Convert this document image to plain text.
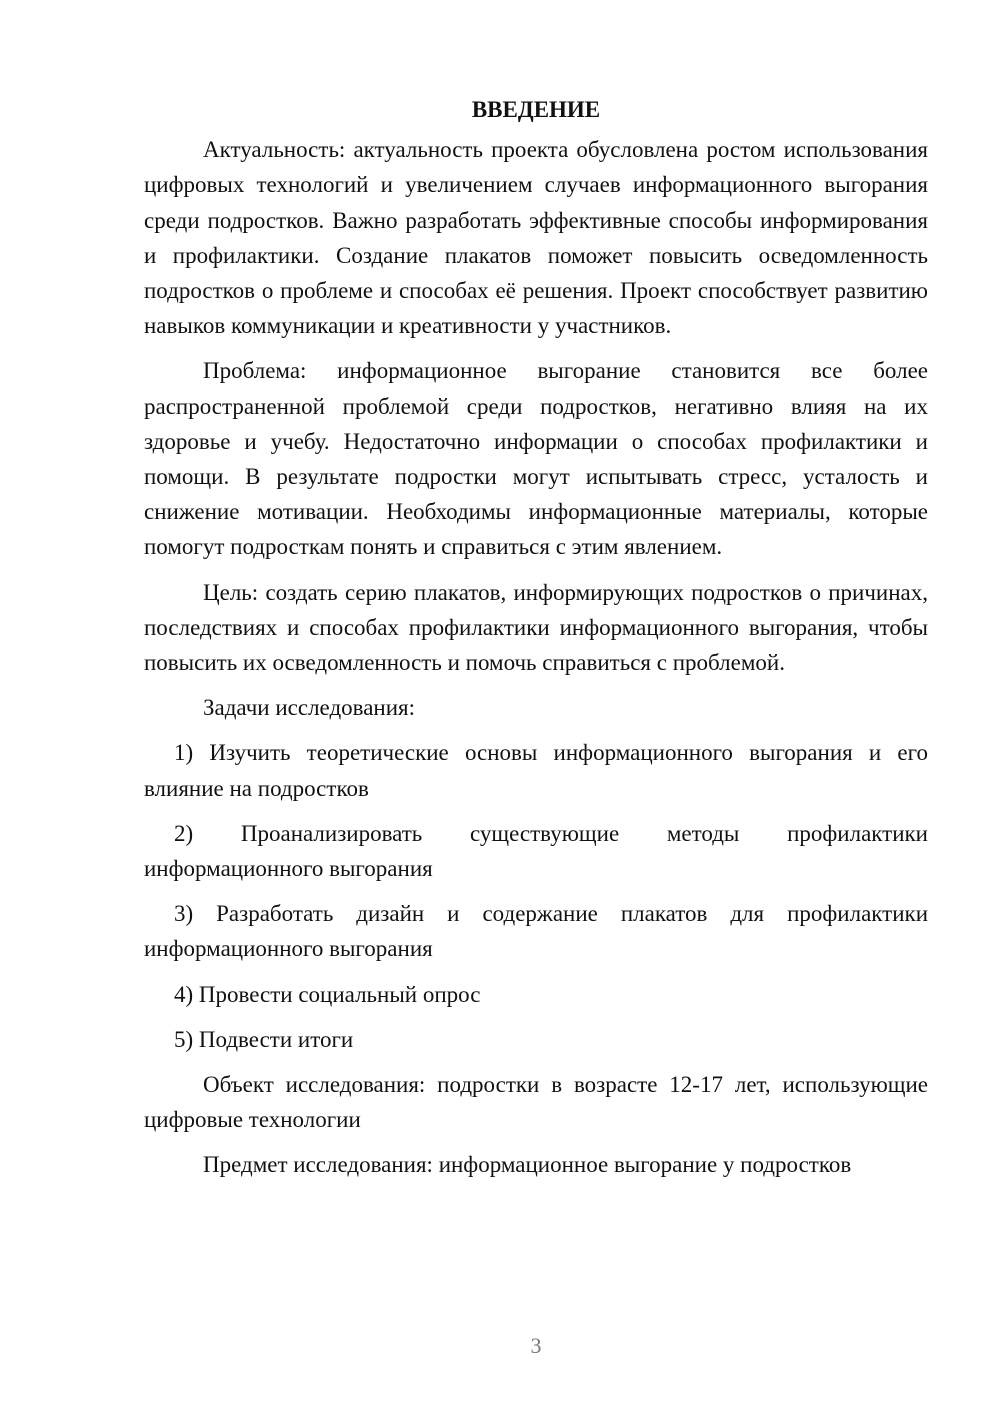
ВВЕДЕНИЕ

Актуальность: актуальность проекта обусловлена ростом использования цифровых технологий и увеличением случаев информационного выгорания среди подростков. Важно разработать эффективные способы информирования и профилактики. Создание плакатов поможет повысить осведомленность подростков о проблеме и способах её решения. Проект способствует развитию навыков коммуникации и креативности у участников.

Проблема: информационное выгорание становится все более распространенной проблемой среди подростков, негативно влияя на их здоровье и учебу. Недостаточно информации о способах профилактики и помощи. В результате подростки могут испытывать стресс, усталость и снижение мотивации. Необходимы информационные материалы, которые помогут подросткам понять и справиться с этим явлением.

Цель: создать серию плакатов, информирующих подростков о причинах, последствиях и способах профилактики информационного выгорания, чтобы повысить их осведомленность и помочь справиться с проблемой.

Задачи исследования:

1) Изучить теоретические основы информационного выгорания и его влияние на подростков

2) Проанализировать существующие методы профилактики информационного выгорания

3) Разработать дизайн и содержание плакатов для профилактики информационного выгорания

4) Провести социальный опрос

5) Подвести итоги

Объект исследования: подростки в возрасте 12-17 лет, использующие цифровые технологии

Предмет исследования: информационное выгорание у подростков

3
